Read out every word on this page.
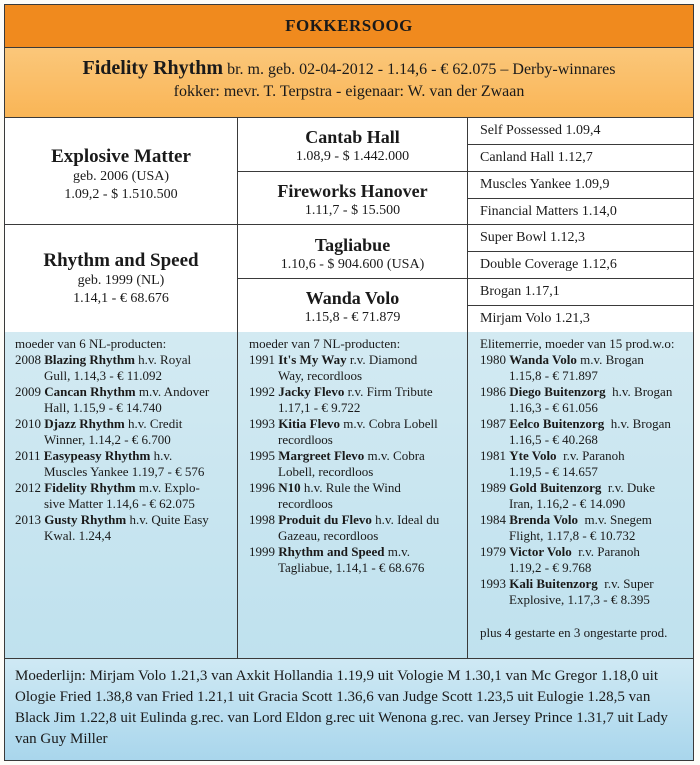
FOKKERSOOG
Fidelity Rhythm br. m. geb. 02-04-2012 - 1.14,6 - € 62.075 – Derby-winnares
fokker: mevr. T. Terpstra - eigenaar: W. van der Zwaan
Explosive Matter
geb. 2006 (USA)
1.09,2 - $ 1.510.500
Rhythm and Speed
geb. 1999 (NL)
1.14,1 - € 68.676
Cantab Hall
1.08,9 - $ 1.442.000
Fireworks Hanover
1.11,7 - $ 15.500
Tagliabue
1.10,6 - $ 904.600 (USA)
Wanda Volo
1.15,8 - € 71.879
Self Possessed 1.09,4
Canland Hall 1.12,7
Muscles Yankee 1.09,9
Financial Matters 1.14,0
Super Bowl 1.12,3
Double Coverage 1.12,6
Brogan 1.17,1
Mirjam Volo 1.21,3
moeder van 6 NL-producten:
2008 Blazing Rhythm h.v. Royal
Gull, 1.14,3 - € 11.092
2009 Cancan Rhythm m.v. Andover
Hall, 1.15,9 - € 14.740
2010 Djazz Rhythm h.v. Credit
Winner, 1.14,2 - € 6.700
2011 Easypeasy Rhythm h.v.
Muscles Yankee 1.19,7 - € 576
2012 Fidelity Rhythm m.v. Explo-
sive Matter 1.14,6 - € 62.075
2013 Gusty Rhythm h.v. Quite Easy
Kwal. 1.24,4
moeder van 7 NL-producten:
1991 It's My Way r.v. Diamond
Way, recordloos
1992 Jacky Flevo r.v. Firm Tribute
1.17,1 - € 9.722
1993 Kitia Flevo m.v. Cobra Lobell
recordloos
1995 Margreet Flevo m.v. Cobra
Lobell, recordloos
1996 N10 h.v. Rule the Wind
recordloos
1998 Produit du Flevo h.v. Ideal du
Gazeau, recordloos
1999 Rhythm and Speed m.v.
Tagliabue, 1.14,1 - € 68.676
Elitemerrie, moeder van 15 prod.w.o:
1980 Wanda Volo m.v. Brogan
1.15,8 - € 71.897
1986 Diego Buitenzorg  h.v. Brogan
1.16,3 - € 61.056
1987 Eelco Buitenzorg  h.v. Brogan
1.16,5 - € 40.268
1981 Yte Volo  r.v. Paranoh
1.19,5 - € 14.657
1989 Gold Buitenzorg  r.v. Duke
Iran, 1.16,2 - € 14.090
1984 Brenda Volo  m.v. Snegem
Flight, 1.17,8 - € 10.732
1979 Victor Volo  r.v. Paranoh
1.19,2 - € 9.768
1993 Kali Buitenzorg  r.v. Super
Explosive, 1.17,3 - € 8.395
plus 4 gestarte en 3 ongestarte prod.
Moederlijn: Mirjam Volo 1.21,3 van Axkit Hollandia 1.19,9 uit Vologie M 1.30,1 van Mc Gregor 1.18,0 uit Ologie Fried 1.38,8 van Fried 1.21,1 uit Gracia Scott 1.36,6 van Judge Scott 1.23,5 uit Eulogie 1.28,5 van Black Jim 1.22,8 uit Eulinda g.rec. van Lord Eldon g.rec uit Wenona g.rec. van Jersey Prince 1.31,7 uit Lady van Guy Miller
